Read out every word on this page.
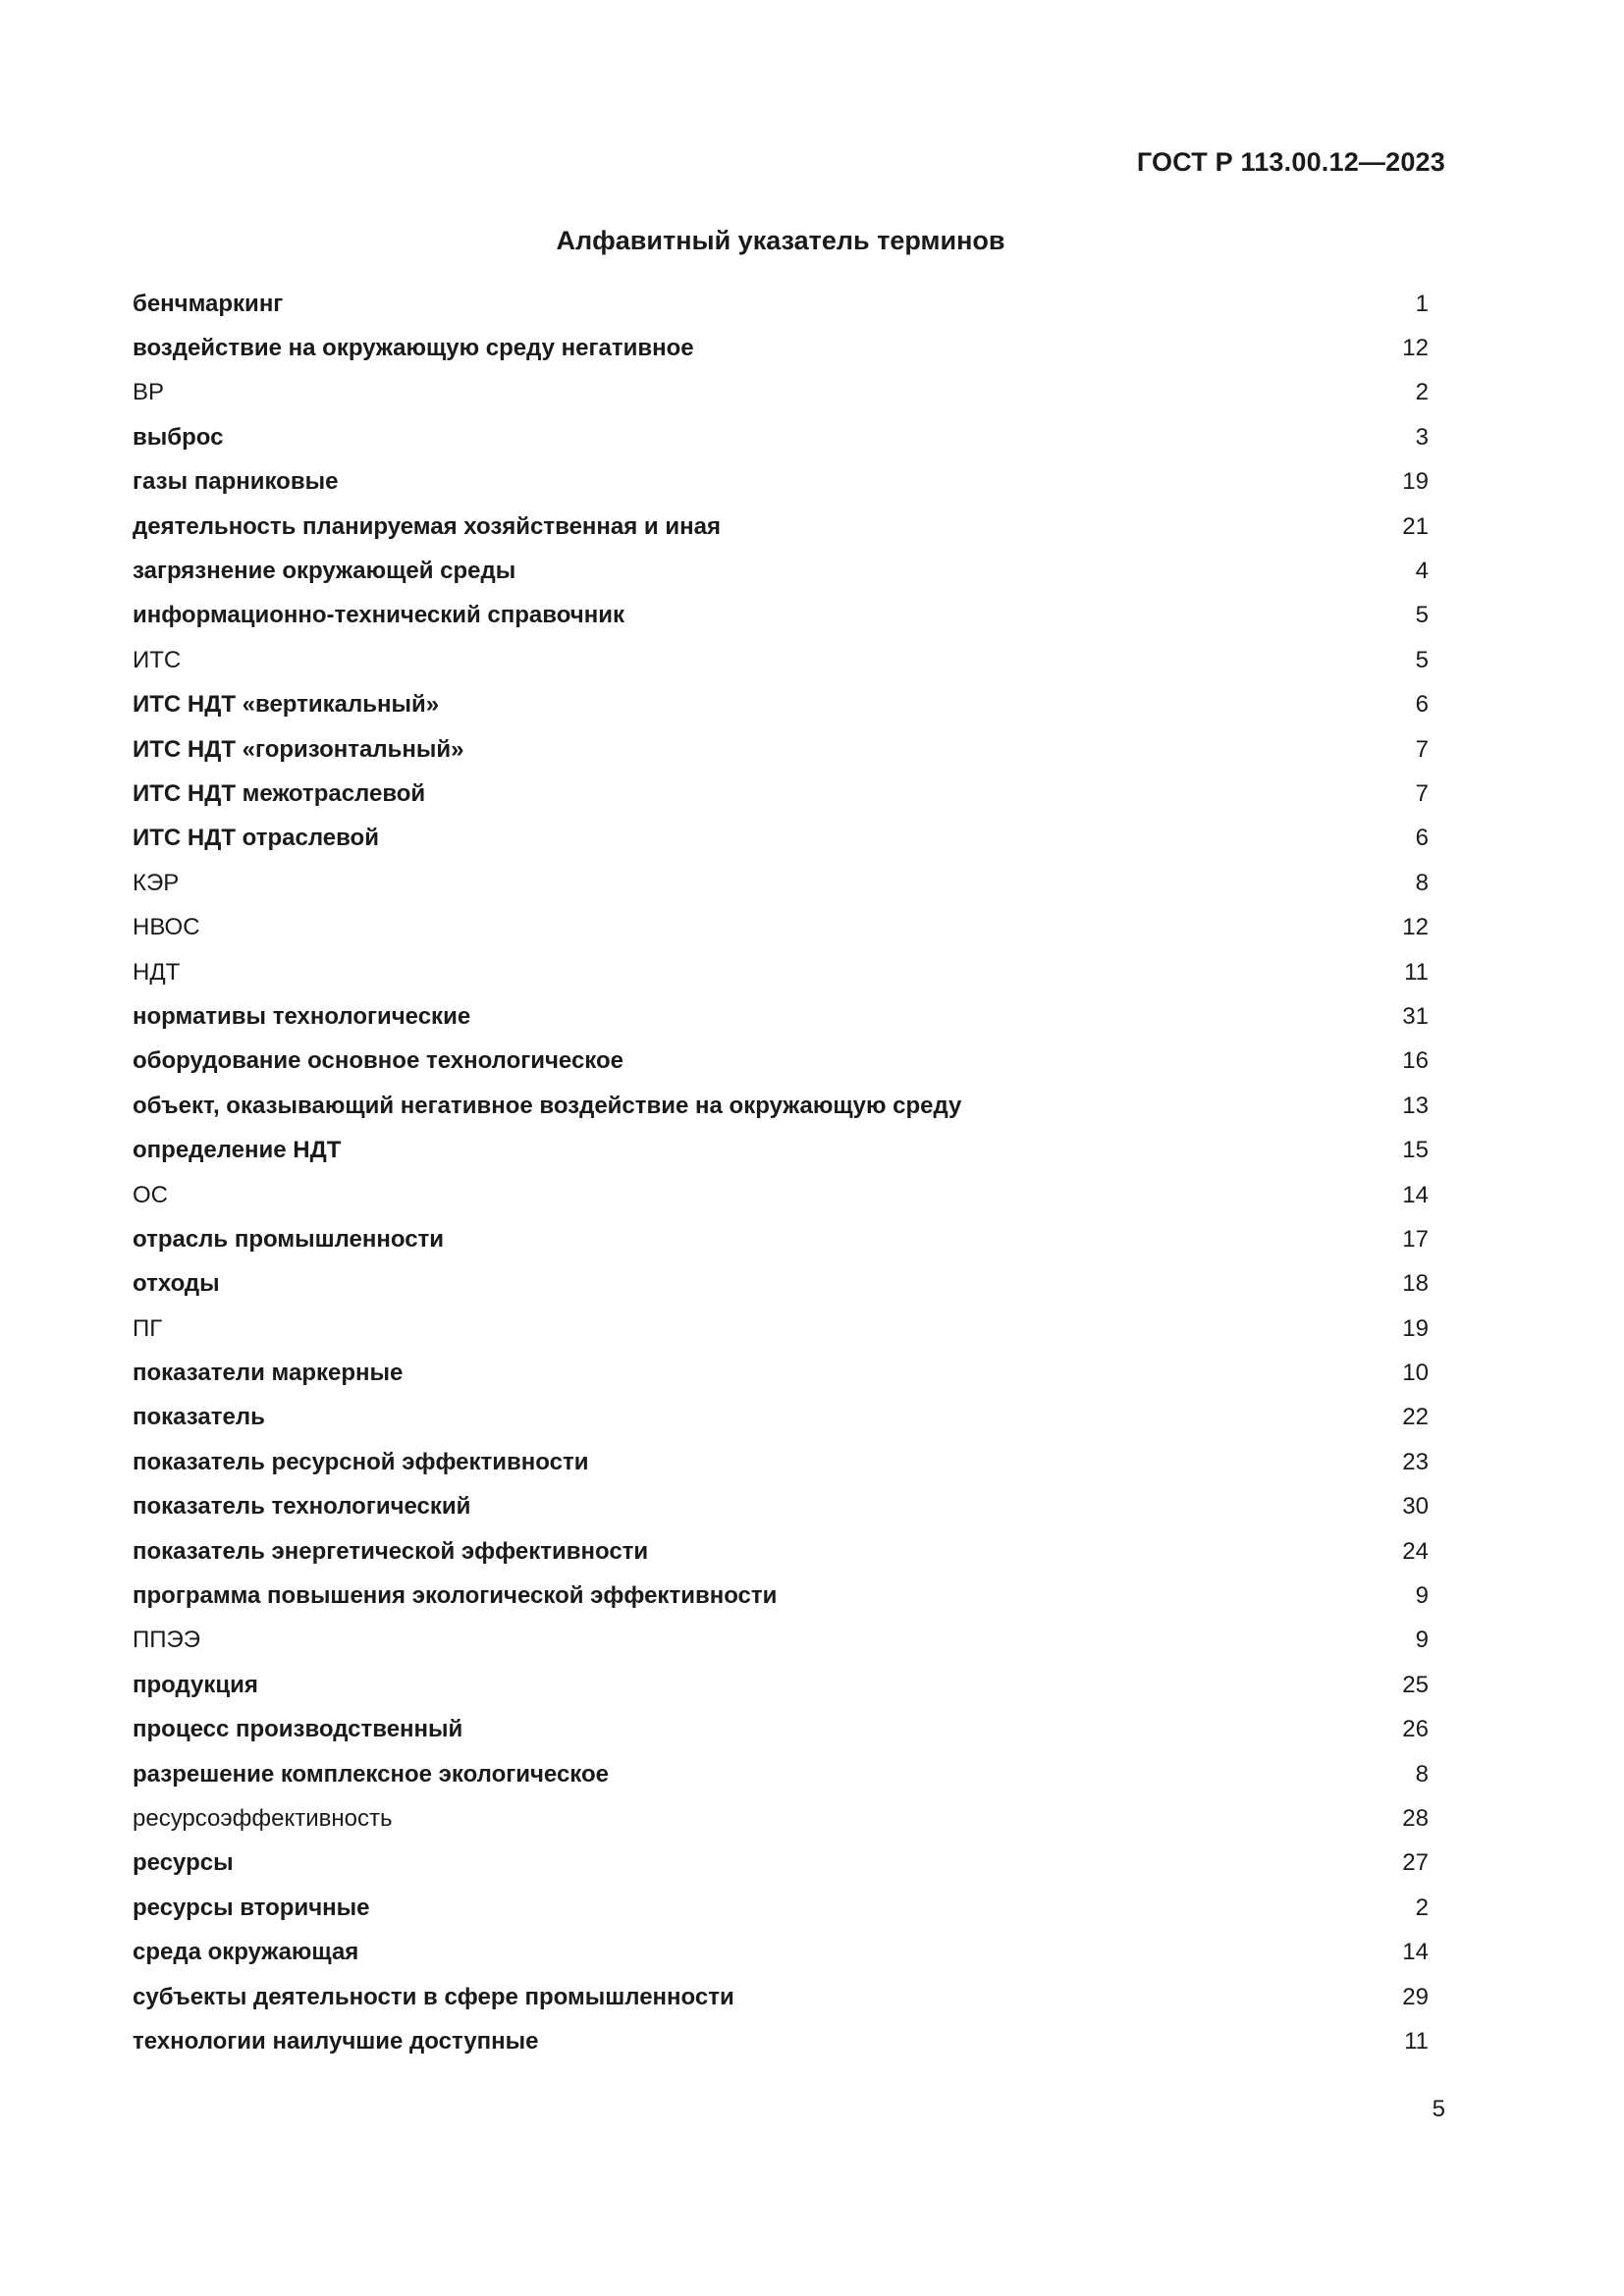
ГОСТ Р 113.00.12—2023
Алфавитный указатель терминов
бенчмаркинг	1
воздействие на окружающую среду негативное	12
ВР	2
выброс	3
газы парниковые	19
деятельность планируемая хозяйственная и иная	21
загрязнение окружающей среды	4
информационно-технический справочник	5
ИТС	5
ИТС НДТ «вертикальный»	6
ИТС НДТ «горизонтальный»	7
ИТС НДТ межотраслевой	7
ИТС НДТ отраслевой	6
КЭР	8
НВОС	12
НДТ	11
нормативы технологические	31
оборудование основное технологическое	16
объект, оказывающий негативное воздействие на окружающую среду	13
определение НДТ	15
ОС	14
отрасль промышленности	17
отходы	18
ПГ	19
показатели маркерные	10
показатель	22
показатель ресурсной эффективности	23
показатель технологический	30
показатель энергетической эффективности	24
программа повышения экологической эффективности	9
ППЭЭ	9
продукция	25
процесс производственный	26
разрешение комплексное экологическое	8
ресурсоэффективность	28
ресурсы	27
ресурсы вторичные	2
среда окружающая	14
субъекты деятельности в сфере промышленности	29
технологии наилучшие доступные	11
5
